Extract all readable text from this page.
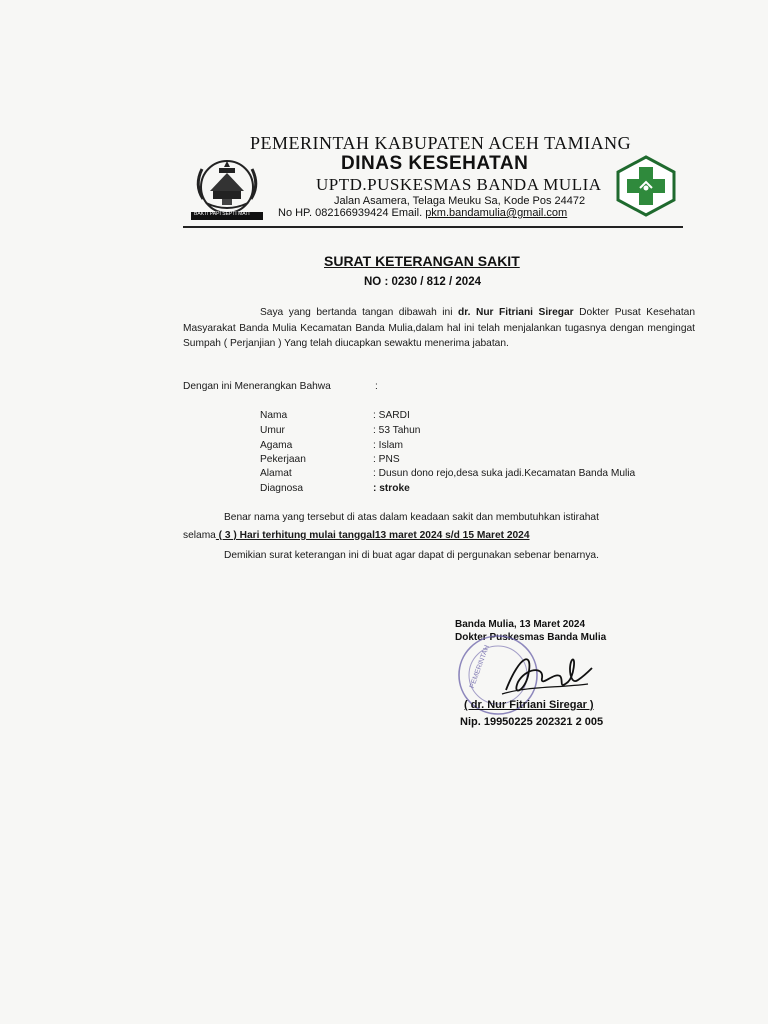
BAKTI PAPI SEPTI MATI
PEMERINTAH KABUPATEN ACEH TAMIANG
DINAS KESEHATAN
UPTD.PUSKESMAS BANDA MULIA
Jalan Asamera, Telaga Meuku Sa, Kode Pos 24472
No HP. 082166939424 Email. pkm.bandamulia@gmail.com
SURAT KETERANGAN SAKIT
NO : 0230 / 812 / 2024
Saya yang bertanda tangan dibawah ini dr. Nur Fitriani Siregar Dokter Pusat Kesehatan Masyarakat Banda Mulia Kecamatan Banda Mulia,dalam hal ini telah menjalankan tugasnya dengan mengingat Sumpah ( Perjanjian ) Yang telah diucapkan sewaktu menerima jabatan.
Dengan ini Menerangkan Bahwa	:
Nama	: SARDI
Umur	: 53 Tahun
Agama	: Islam
Pekerjaan	: PNS
Alamat	: Dusun dono rejo,desa suka jadi.Kecamatan Banda Mulia
Diagnosa	: stroke
Benar nama yang tersebut di atas dalam keadaan sakit dan membutuhkan istirahat
selama ( 3 ) Hari terhitung mulai tanggal13 maret 2024 s/d 15 Maret 2024
Demikian surat keterangan ini di buat agar dapat di pergunakan sebenar benarnya.
Banda Mulia, 13 Maret 2024
Dokter Puskesmas Banda Mulia
PEMERINTAH
( dr. Nur Fitriani Siregar )
Nip. 19950225 202321 2 005
